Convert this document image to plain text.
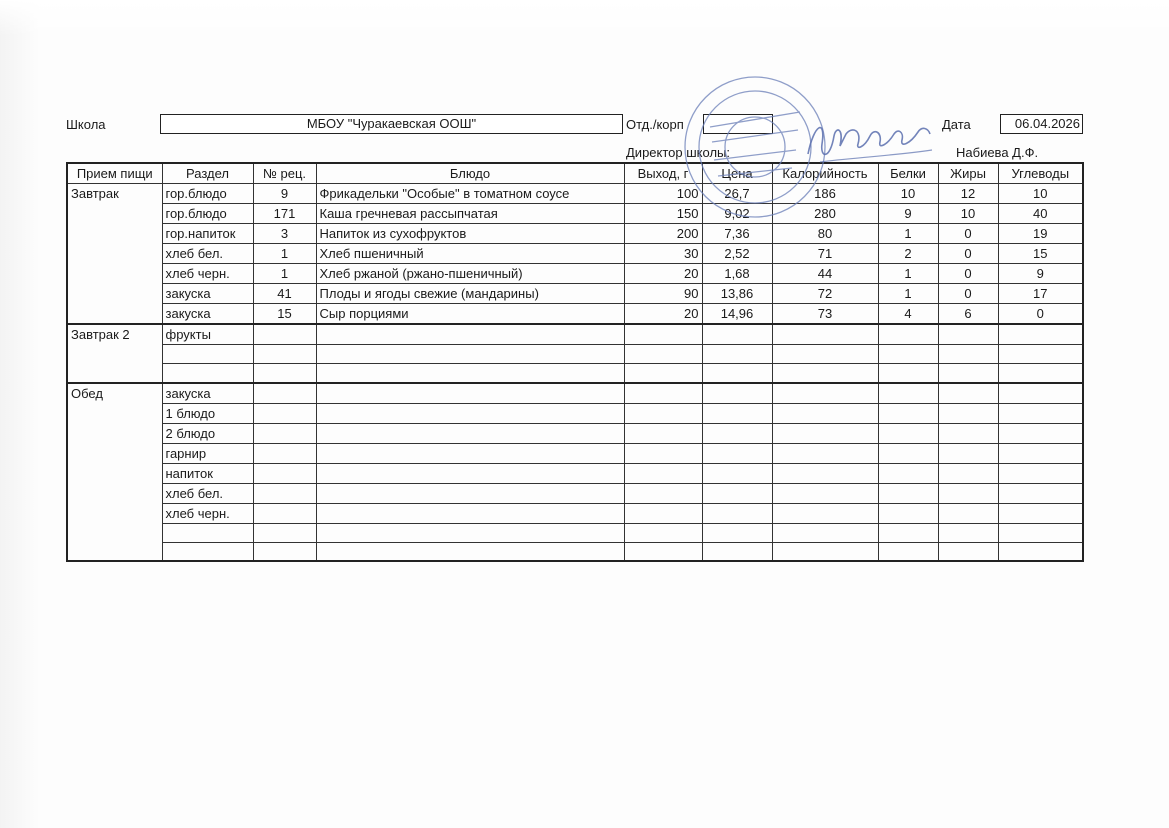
Школа	МБОУ "Чуракаевская ООШ"	Отд./корп	Дата	06.04.2026
Директор школы:	Набиева Д.Ф.
Прием пищи	Раздел	№ рец.	Блюдо	Выход, г	Цена	Калорийность	Белки	Жиры	Углеводы
Завтрак	гор.блюдо	9	Фрикадельки "Особые" в томатном соусе	100	26,7	186	10	12	10
	гор.блюдо	171	Каша гречневая рассыпчатая	150	9,02	280	9	10	40
	гор.напиток	3	Напиток из сухофруктов	200	7,36	80	1	0	19
	хлеб бел.	1	Хлеб пшеничный	30	2,52	71	2	0	15
	хлеб черн.	1	Хлеб ржаной (ржано-пшеничный)	20	1,68	44	1	0	9
	закуска	41	Плоды и ягоды свежие (мандарины)	90	13,86	72	1	0	17
	закуска	15	Сыр порциями	20	14,96	73	4	6	0
Завтрак 2	фрукты								

Обед	закуска								
	1 блюдо								
	2 блюдо								
	гарнир								
	напиток								
	хлеб бел.								
	хлеб черн.								
